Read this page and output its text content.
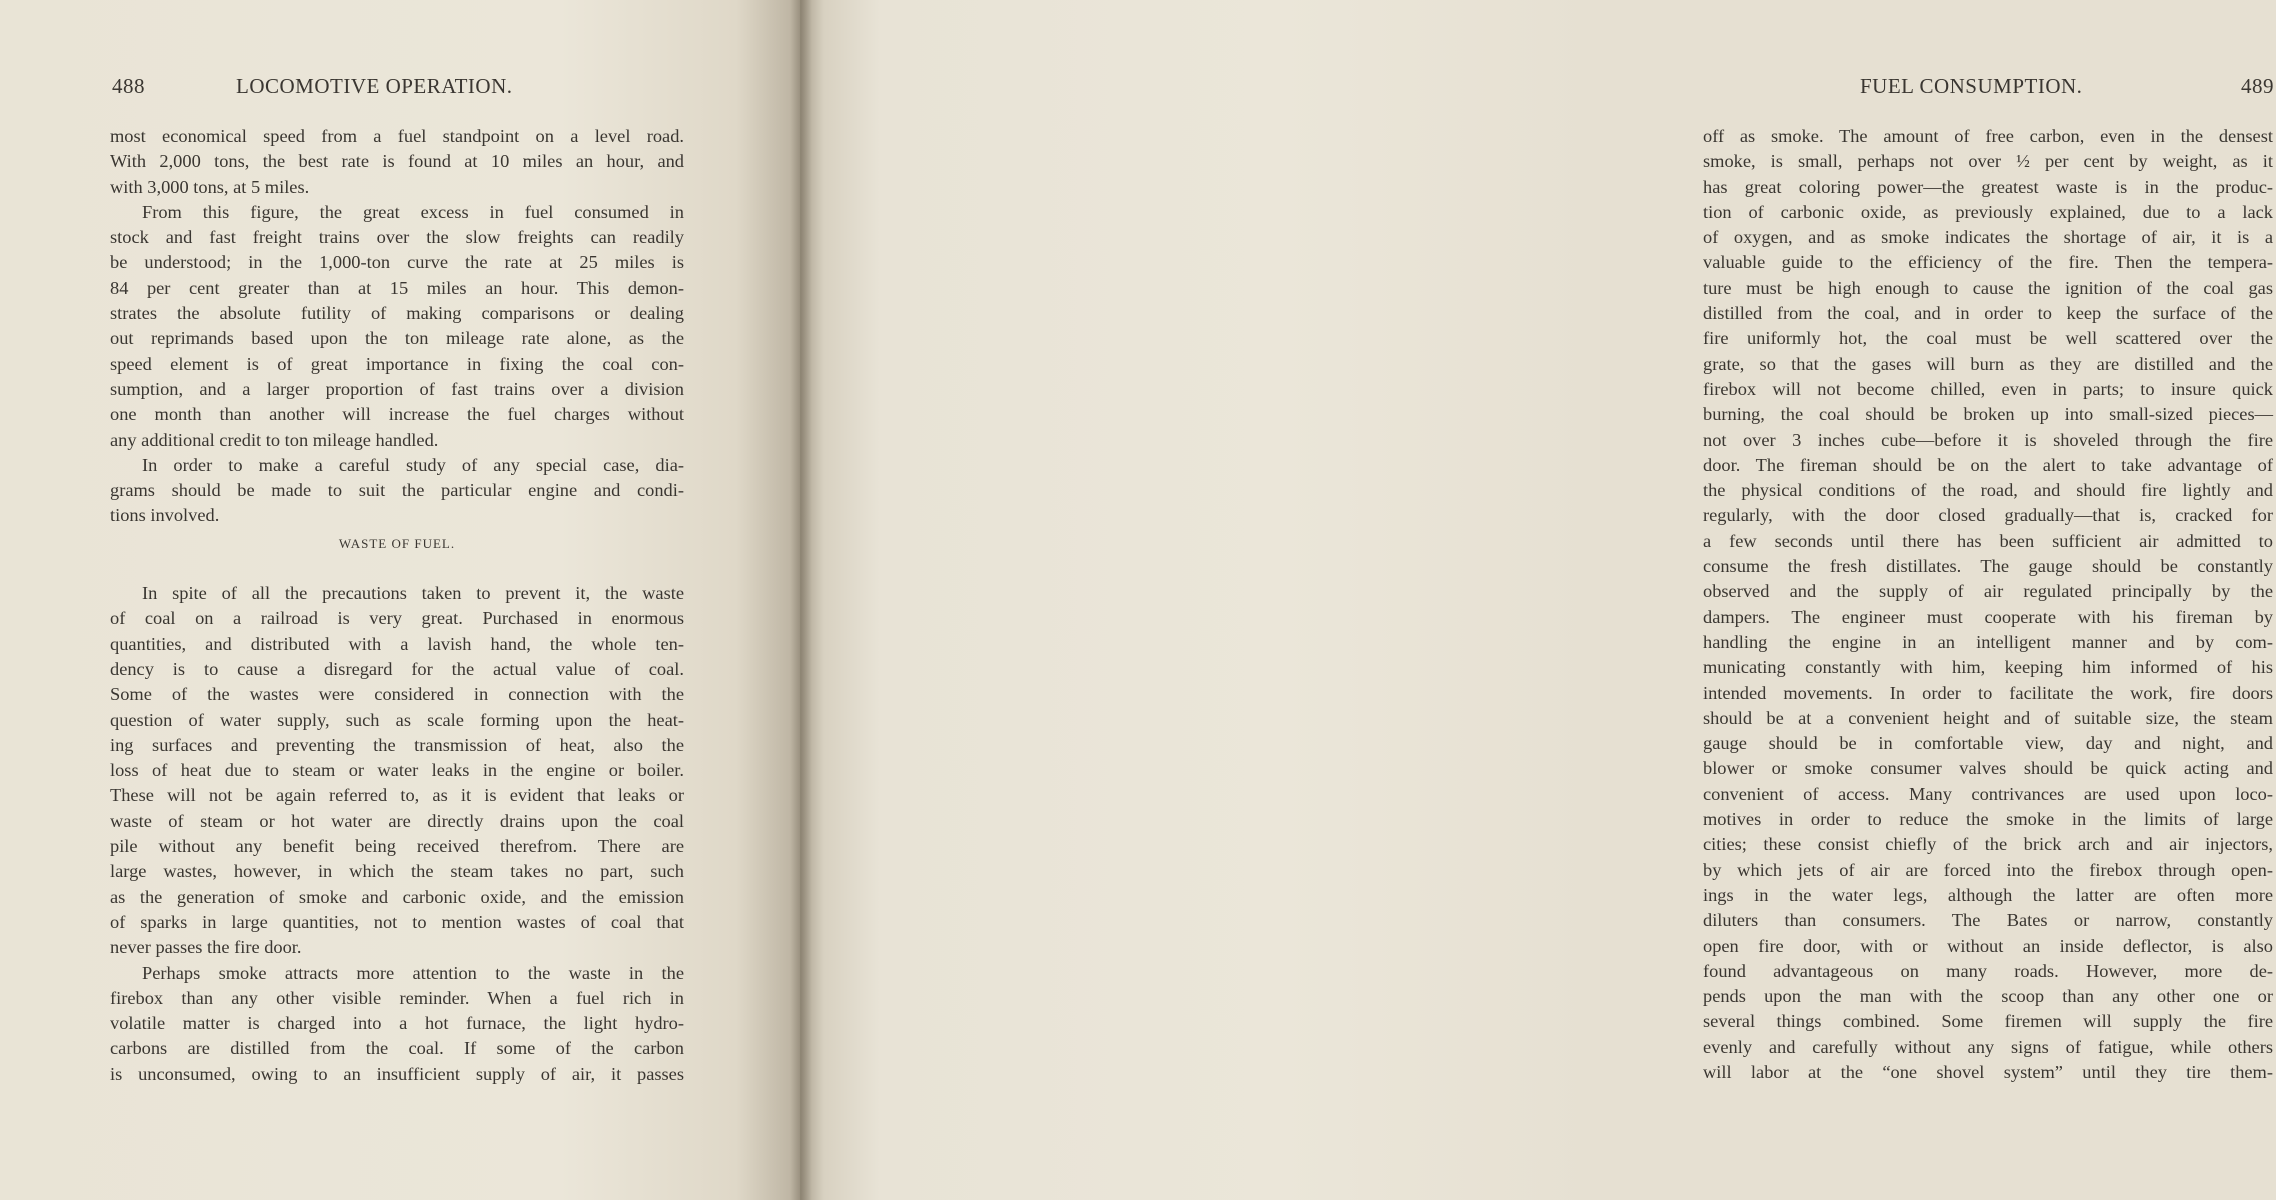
488	LOCOMOTIVE OPERATION.
most economical speed from a fuel standpoint on a level road.
With 2,000 tons, the best rate is found at 10 miles an hour, and
with 3,000 tons, at 5 miles.
From this figure, the great excess in fuel consumed in
stock and fast freight trains over the slow freights can readily
be understood; in the 1,000-ton curve the rate at 25 miles is
84 per cent greater than at 15 miles an hour. This demon-
strates the absolute futility of making comparisons or dealing
out reprimands based upon the ton mileage rate alone, as the
speed element is of great importance in fixing the coal con-
sumption, and a larger proportion of fast trains over a division
one month than another will increase the fuel charges without
any additional credit to ton mileage handled.
In order to make a careful study of any special case, dia-
grams should be made to suit the particular engine and condi-
tions involved.
WASTE OF FUEL.
In spite of all the precautions taken to prevent it, the waste
of coal on a railroad is very great. Purchased in enormous
quantities, and distributed with a lavish hand, the whole ten-
dency is to cause a disregard for the actual value of coal.
Some of the wastes were considered in connection with the
question of water supply, such as scale forming upon the heat-
ing surfaces and preventing the transmission of heat, also the
loss of heat due to steam or water leaks in the engine or boiler.
These will not be again referred to, as it is evident that leaks or
waste of steam or hot water are directly drains upon the coal
pile without any benefit being received therefrom. There are
large wastes, however, in which the steam takes no part, such
as the generation of smoke and carbonic oxide, and the emission
of sparks in large quantities, not to mention wastes of coal that
never passes the fire door.
Perhaps smoke attracts more attention to the waste in the
firebox than any other visible reminder. When a fuel rich in
volatile matter is charged into a hot furnace, the light hydro-
carbons are distilled from the coal. If some of the carbon
is unconsumed, owing to an insufficient supply of air, it passes
FUEL CONSUMPTION.	489
off as smoke. The amount of free carbon, even in the densest
smoke, is small, perhaps not over ½ per cent by weight, as it
has great coloring power—the greatest waste is in the produc-
tion of carbonic oxide, as previously explained, due to a lack
of oxygen, and as smoke indicates the shortage of air, it is a
valuable guide to the efficiency of the fire. Then the tempera-
ture must be high enough to cause the ignition of the coal gas
distilled from the coal, and in order to keep the surface of the
fire uniformly hot, the coal must be well scattered over the
grate, so that the gases will burn as they are distilled and the
firebox will not become chilled, even in parts; to insure quick
burning, the coal should be broken up into small-sized pieces—
not over 3 inches cube—before it is shoveled through the fire
door. The fireman should be on the alert to take advantage of
the physical conditions of the road, and should fire lightly and
regularly, with the door closed gradually—that is, cracked for
a few seconds until there has been sufficient air admitted to
consume the fresh distillates. The gauge should be constantly
observed and the supply of air regulated principally by the
dampers. The engineer must cooperate with his fireman by
handling the engine in an intelligent manner and by com-
municating constantly with him, keeping him informed of his
intended movements. In order to facilitate the work, fire doors
should be at a convenient height and of suitable size, the steam
gauge should be in comfortable view, day and night, and
blower or smoke consumer valves should be quick acting and
convenient of access. Many contrivances are used upon loco-
motives in order to reduce the smoke in the limits of large
cities; these consist chiefly of the brick arch and air injectors,
by which jets of air are forced into the firebox through open-
ings in the water legs, although the latter are often more
diluters than consumers. The Bates or narrow, constantly
open fire door, with or without an inside deflector, is also
found advantageous on many roads. However, more de-
pends upon the man with the scoop than any other one or
several things combined. Some firemen will supply the fire
evenly and carefully without any signs of fatigue, while others
will labor at the “one shovel system” until they tire them-
